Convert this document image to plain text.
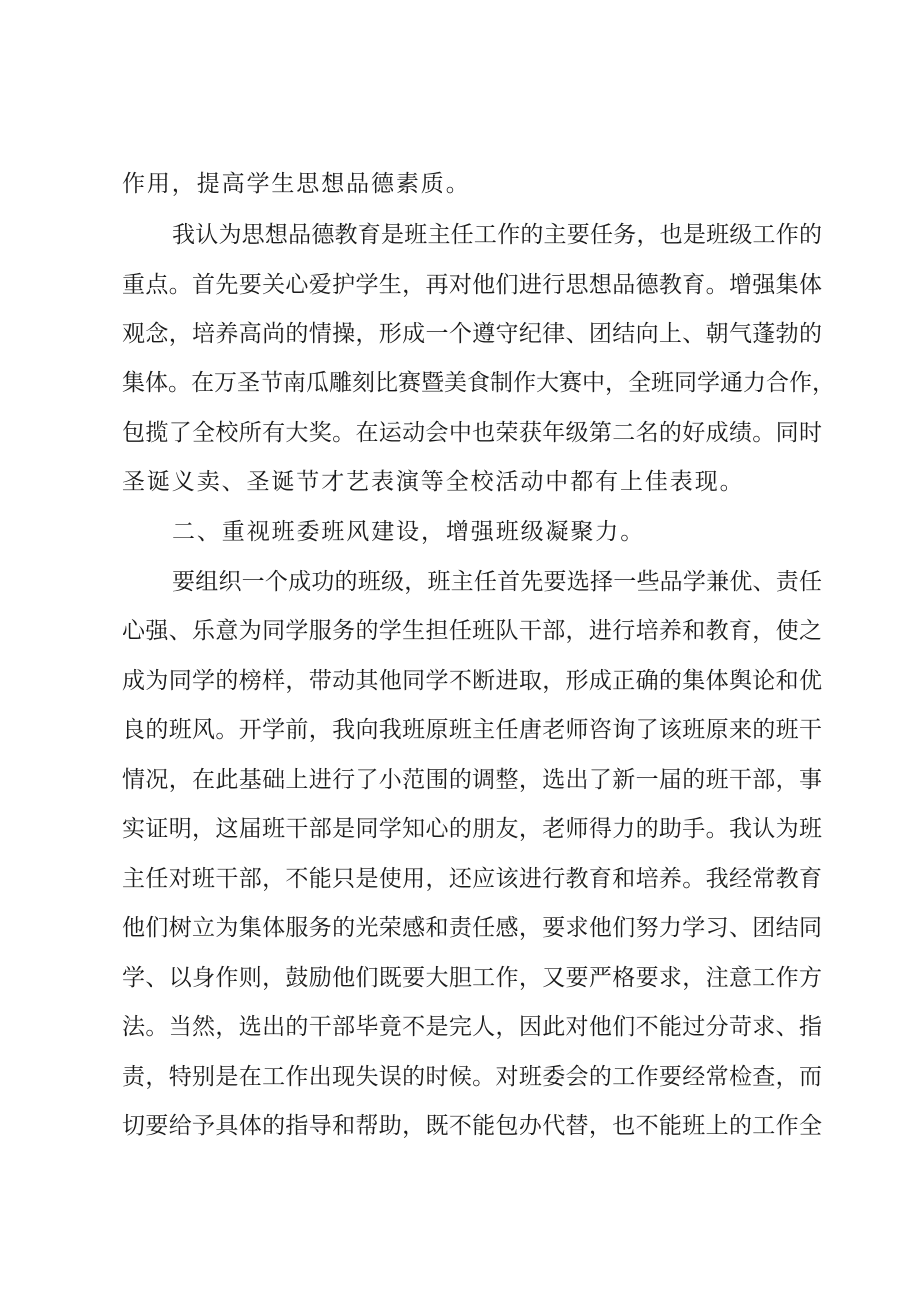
作用，提高学生思想品德素质。
我认为思想品德教育是班主任工作的主要任务，也是班级工作的
重点。首先要关心爱护学生，再对他们进行思想品德教育。增强集体
观念，培养高尚的情操，形成一个遵守纪律、团结向上、朝气蓬勃的
集体。在万圣节南瓜雕刻比赛暨美食制作大赛中，全班同学通力合作，
包揽了全校所有大奖。在运动会中也荣获年级第二名的好成绩。同时
圣诞义卖、圣诞节才艺表演等全校活动中都有上佳表现。
二、重视班委班风建设，增强班级凝聚力。
要组织一个成功的班级，班主任首先要选择一些品学兼优、责任
心强、乐意为同学服务的学生担任班队干部，进行培养和教育，使之
成为同学的榜样，带动其他同学不断进取，形成正确的集体舆论和优
良的班风。开学前，我向我班原班主任唐老师咨询了该班原来的班干
情况，在此基础上进行了小范围的调整，选出了新一届的班干部，事
实证明，这届班干部是同学知心的朋友，老师得力的助手。我认为班
主任对班干部，不能只是使用，还应该进行教育和培养。我经常教育
他们树立为集体服务的光荣感和责任感，要求他们努力学习、团结同
学、以身作则，鼓励他们既要大胆工作，又要严格要求，注意工作方
法。当然，选出的干部毕竟不是完人，因此对他们不能过分苛求、指
责，特别是在工作出现失误的时候。对班委会的工作要经常检查，而
切要给予具体的指导和帮助，既不能包办代替，也不能班上的工作全
